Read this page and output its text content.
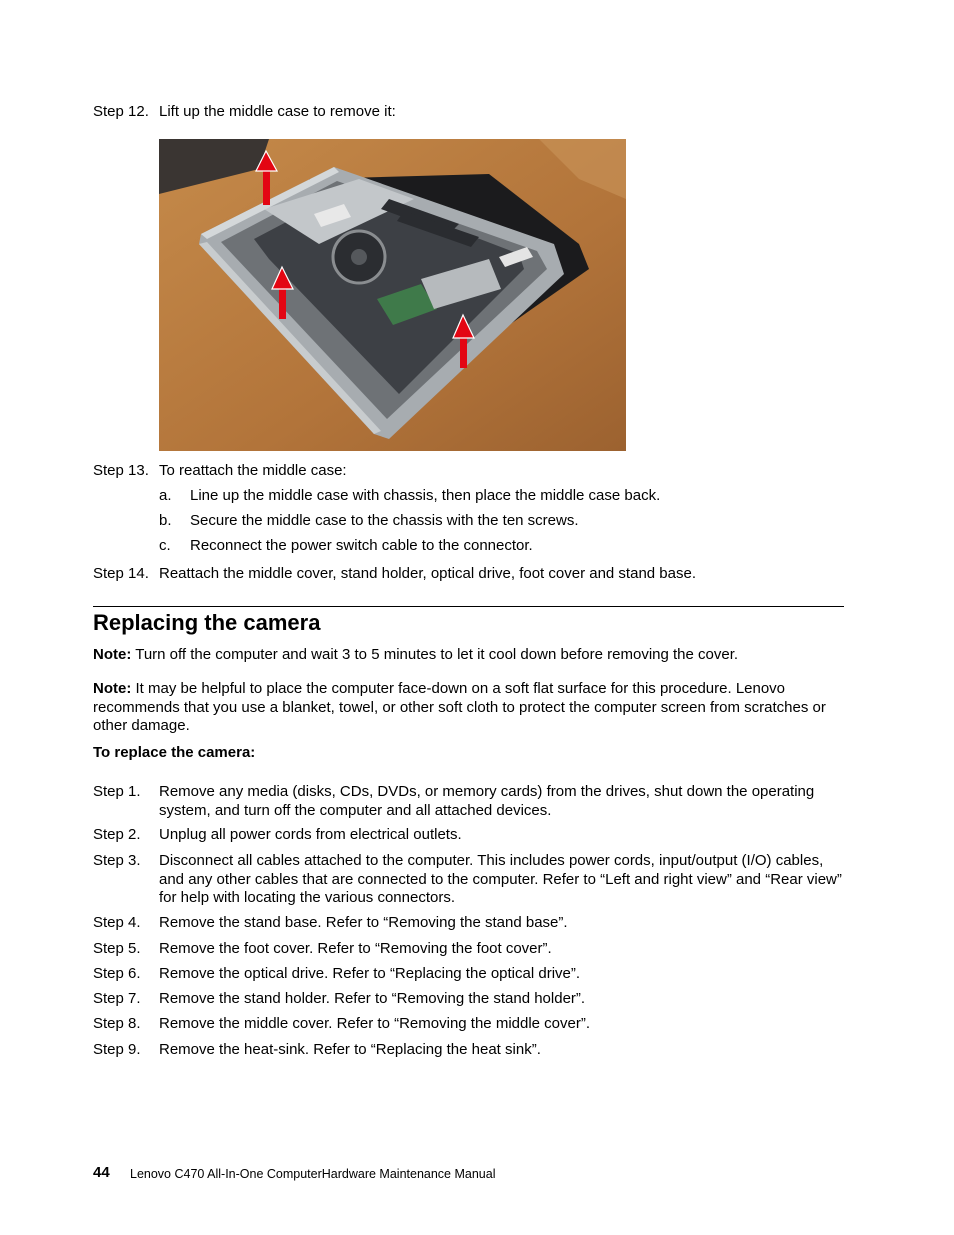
Step 12. Lift up the middle case to remove it:
Step 13. To reattach the middle case:
a. Line up the middle case with chassis, then place the middle case back.
b. Secure the middle case to the chassis with the ten screws.
c. Reconnect the power switch cable to the connector.
Step 14. Reattach the middle cover, stand holder, optical drive, foot cover and stand base.
Replacing the camera
Note: Turn off the computer and wait 3 to 5 minutes to let it cool down before removing the cover.
Note: It may be helpful to place the computer face-down on a soft flat surface for this procedure. Lenovo recommends that you use a blanket, towel, or other soft cloth to protect the computer screen from scratches or other damage.
To replace the camera:
Step 1. Remove any media (disks, CDs, DVDs, or memory cards) from the drives, shut down the operating system, and turn off the computer and all attached devices.
Step 2. Unplug all power cords from electrical outlets.
Step 3. Disconnect all cables attached to the computer. This includes power cords, input/output (I/O) cables, and any other cables that are connected to the computer. Refer to “Left and right view” and “Rear view” for help with locating the various connectors.
Step 4. Remove the stand base. Refer to “Removing the stand base”.
Step 5. Remove the foot cover. Refer to “Removing the foot cover”.
Step 6. Remove the optical drive. Refer to “Replacing the optical drive”.
Step 7. Remove the stand holder. Refer to “Removing the stand holder”.
Step 8. Remove the middle cover. Refer to “Removing the middle cover”.
Step 9. Remove the heat-sink. Refer to “Replacing the heat sink”.
44 Lenovo C470 All-In-One ComputerHardware Maintenance Manual
